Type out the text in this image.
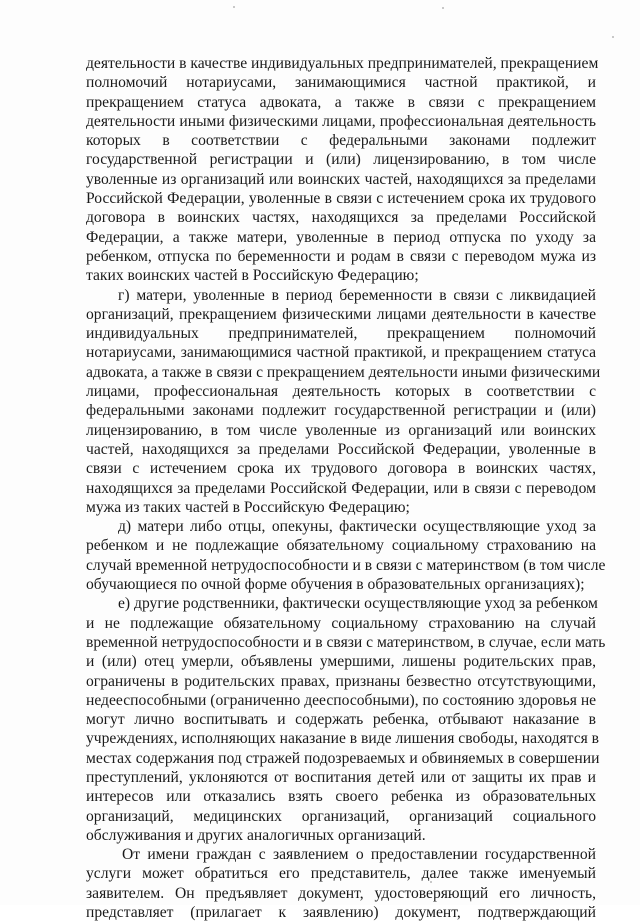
деятельности в качестве индивидуальных предпринимателей, прекращением
полномочий нотариусами, занимающимися частной практикой, и
прекращением статуса адвоката, а также в связи с прекращением
деятельности иными физическими лицами, профессиональная деятельность
которых в соответствии с федеральными законами подлежит
государственной регистрации и (или) лицензированию, в том числе
уволенные из организаций или воинских частей, находящихся за пределами
Российской Федерации, уволенные в связи с истечением срока их трудового
договора в воинских частях, находящихся за пределами Российской
Федерации, а также матери, уволенные в период отпуска по уходу за
ребенком, отпуска по беременности и родам в связи с переводом мужа из
таких воинских частей в Российскую Федерацию;
г) матери, уволенные в период беременности в связи с ликвидацией
организаций, прекращением физическими лицами деятельности в качестве
индивидуальных предпринимателей, прекращением полномочий
нотариусами, занимающимися частной практикой, и прекращением статуса
адвоката, а также в связи с прекращением деятельности иными физическими
лицами, профессиональная деятельность которых в соответствии с
федеральными законами подлежит государственной регистрации и (или)
лицензированию, в том числе уволенные из организаций или воинских
частей, находящихся за пределами Российской Федерации, уволенные в
связи с истечением срока их трудового договора в воинских частях,
находящихся за пределами Российской Федерации, или в связи с переводом
мужа из таких частей в Российскую Федерацию;
д) матери либо отцы, опекуны, фактически осуществляющие уход за
ребенком и не подлежащие обязательному социальному страхованию на
случай временной нетрудоспособности и в связи с материнством (в том числе
обучающиеся по очной форме обучения в образовательных организациях);
е) другие родственники, фактически осуществляющие уход за ребенком
и не подлежащие обязательному социальному страхованию на случай
временной нетрудоспособности и в связи с материнством, в случае, если мать
и (или) отец умерли, объявлены умершими, лишены родительских прав,
ограничены в родительских правах, признаны безвестно отсутствующими,
недееспособными (ограниченно дееспособными), по состоянию здоровья не
могут лично воспитывать и содержать ребенка, отбывают наказание в
учреждениях, исполняющих наказание в виде лишения свободы, находятся в
местах содержания под стражей подозреваемых и обвиняемых в совершении
преступлений, уклоняются от воспитания детей или от защиты их прав и
интересов или отказались взять своего ребенка из образовательных
организаций, медицинских организаций, организаций социального
обслуживания и других аналогичных организаций.
От имени граждан с заявлением о предоставлении государственной
услуги может обратиться его представитель, далее также именуемый
заявителем. Он предъявляет документ, удостоверяющий его личность,
представляет (прилагает к заявлению) документ, подтверждающий
